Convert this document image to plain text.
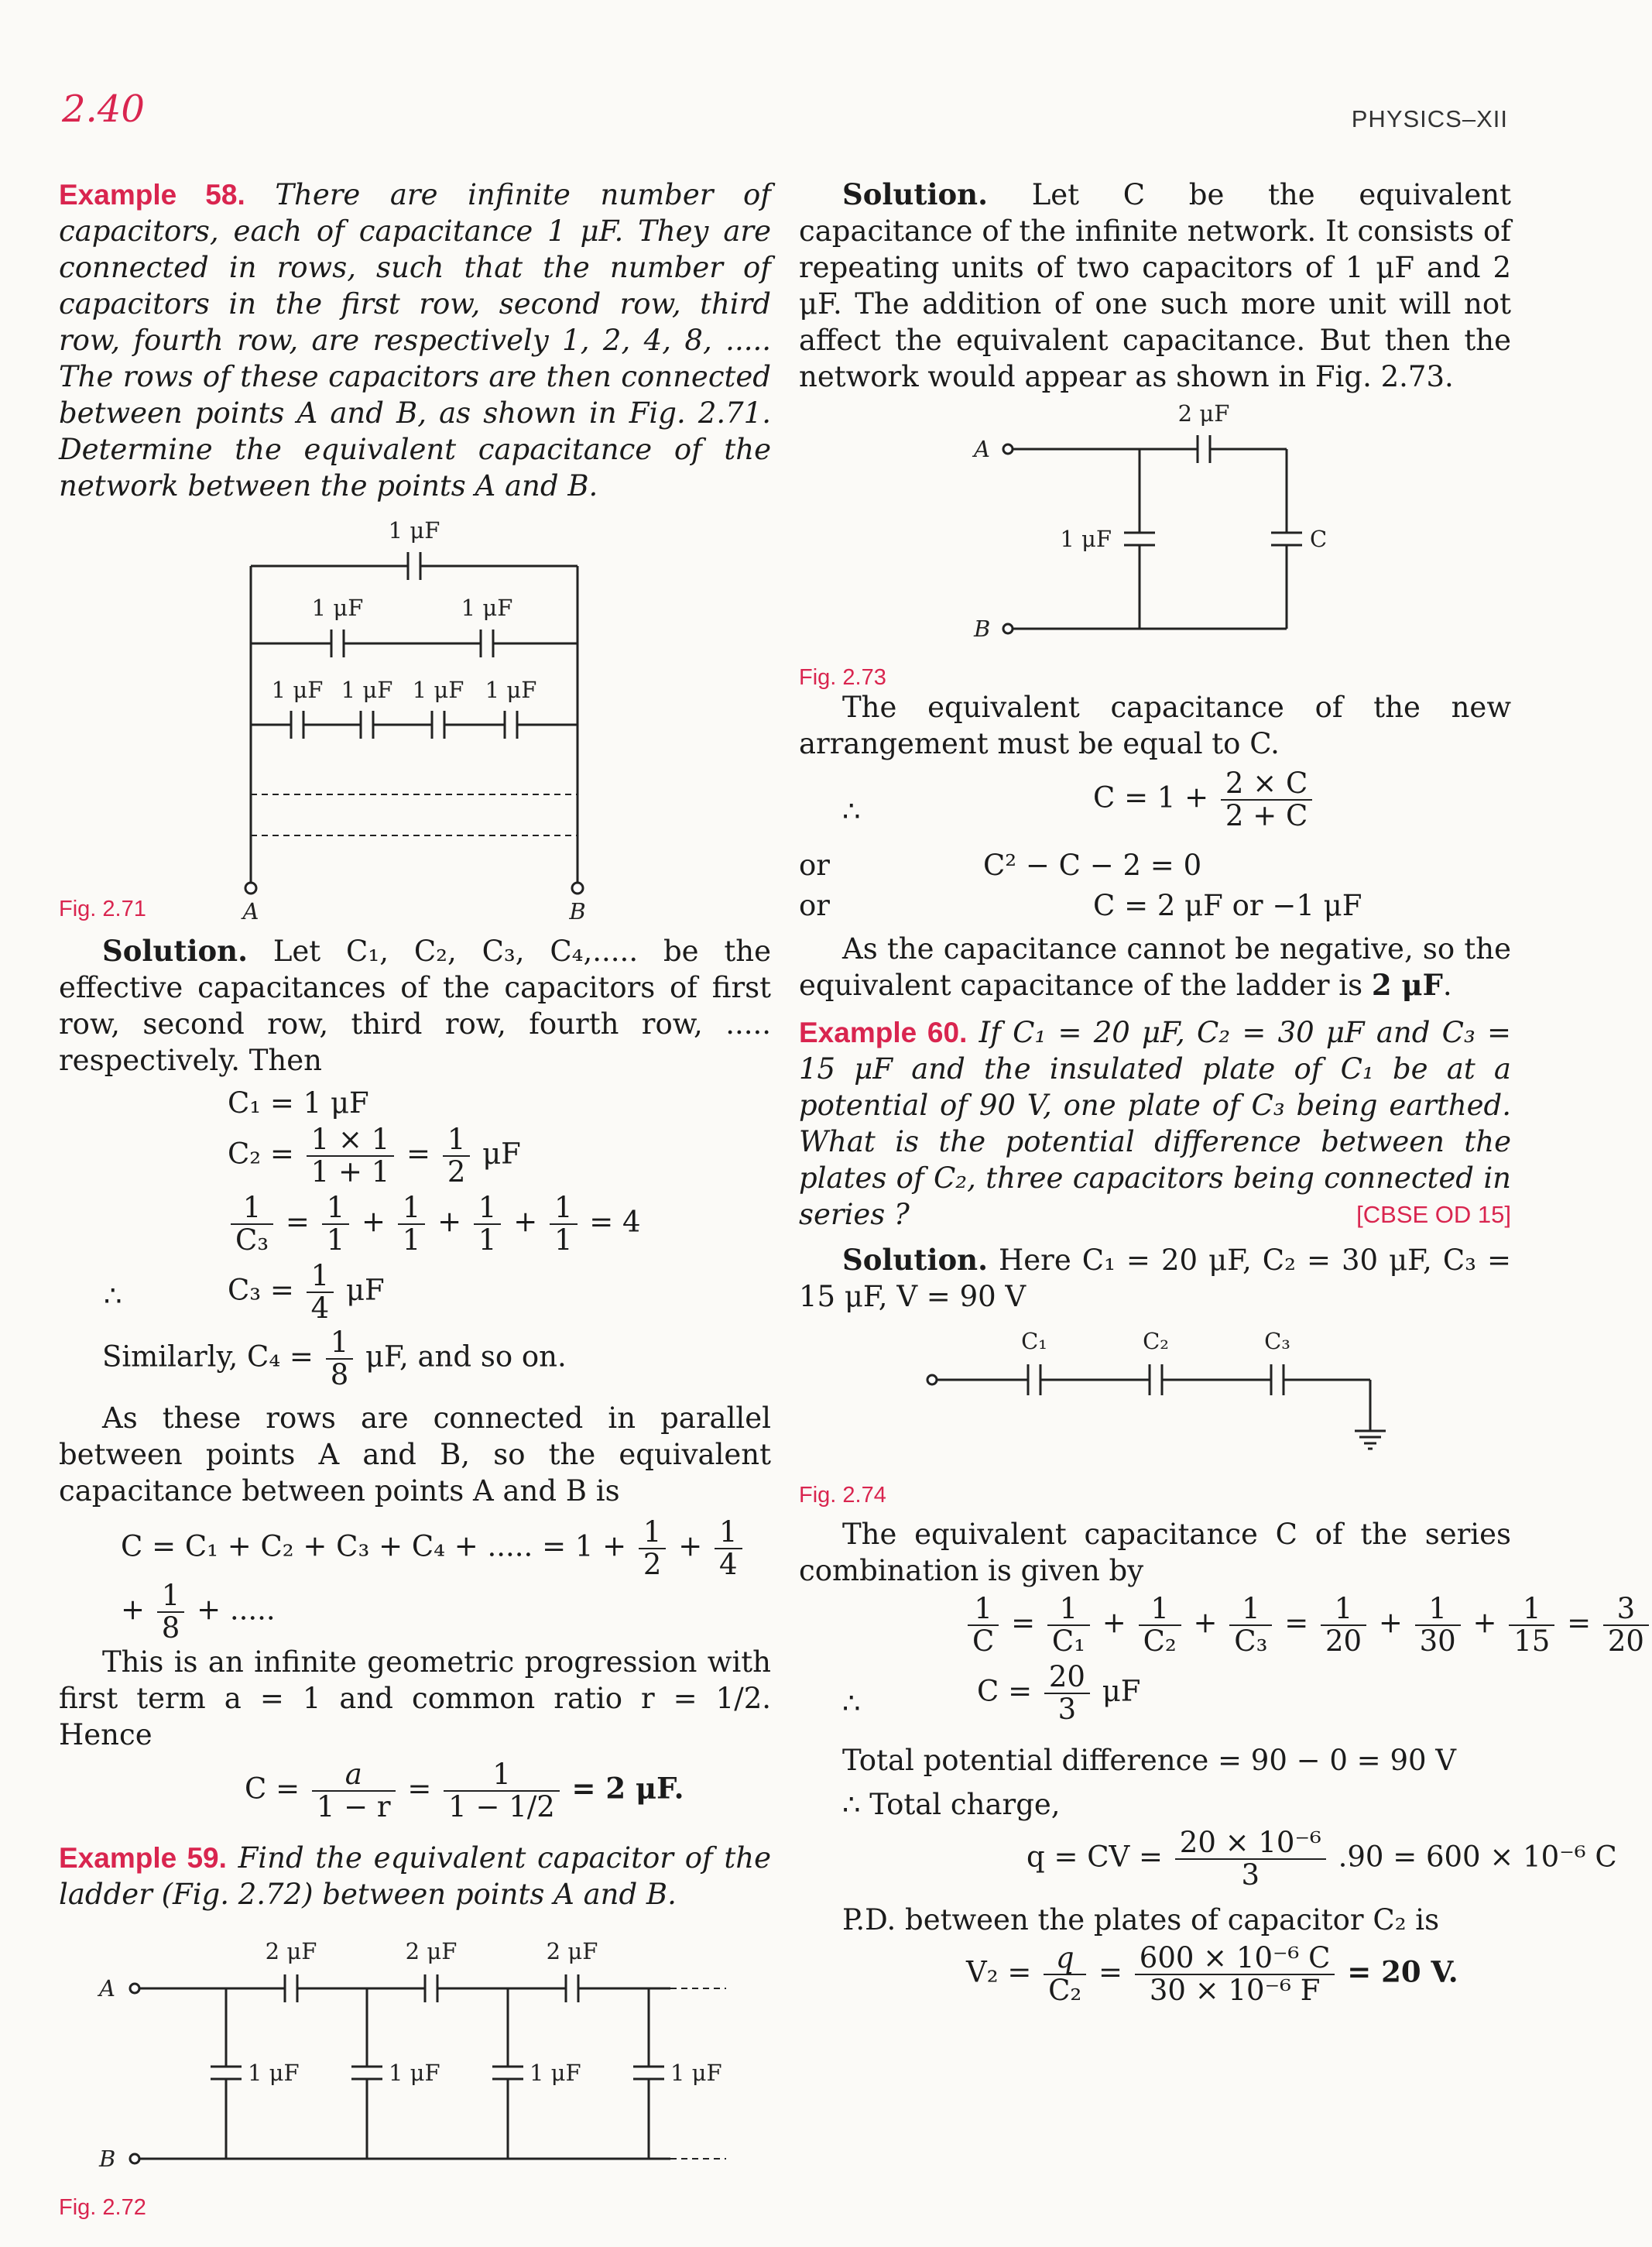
2.40	PHYSICS–XII

Example 58. There are infinite number of capacitors, each of capacitance 1 μF. They are connected in rows, such that the number of capacitors in the first row, second row, third row, fourth row, are respectively 1, 2, 4, 8, ..... The rows of these capacitors are then connected between points A and B, as shown in Fig. 2.71. Determine the equivalent capacitance of the network between the points A and B.

1 μF
1 μF	1 μF
1 μF 1 μF 1 μF 1 μF
A	B
Fig. 2.71

Solution. Let C₁, C₂, C₃, C₄,..... be the effective capacitances of the capacitors of first row, second row, third row, fourth row, ..... respectively. Then

C₁ = 1 μF
$C_2 = \frac{1 \times 1}{1 + 1} = \frac{1}{2}$ μF
$\frac{1}{\text{C₃}} = \frac{1}{1} + \frac{1}{1} + \frac{1}{1} + \frac{1}{1} = 4$
∴	$C_3 = \frac{1}{4}$ μF
Similarly, $C_4 = \frac{1}{8} \mu F$, and so on.

As these rows are connected in parallel between points A and B, so the equivalent capacitance between points A and B is

C = C₁ + C₂ + C₃ + C₄ + ..... = $1 + \frac{1}{2} + \frac{1}{4}$
+ $\frac{1}{8}$ + .....

This is an infinite geometric progression with first term a = 1 and common ratio r = 1/2. Hence

$C = \frac{a}{1 - r} = \frac{1}{1 - 1/2} = 2$ μF.

Example 59. Find the equivalent capacitor of the ladder (Fig. 2.72) between points A and B.

2 μF	2 μF	2 μF
1 μF	1 μF	1 μF	1 μF
A
B
Fig. 2.72

Solution. Let C be the equivalent capacitance of the infinite network. It consists of repeating units of two capacitors of 1 μF and 2 μF. The addition of one such more unit will not affect the equivalent capacitance. But then the network would appear as shown in Fig. 2.73.

2 μF
1 μF	C
A
B
Fig. 2.73

The equivalent capacitance of the new arrangement must be equal to C.

∴	$C = 1 + \frac{2 \times C}{2 + C}$
or	C² − C − 2 = 0
or	C = 2 μF or −1 μF

As the capacitance cannot be negative, so the equivalent capacitance of the ladder is 2 μF.

Example 60. If C₁ = 20 μF, C₂ = 30 μF and C₃ = 15 μF and the insulated plate of C₁ be at a potential of 90 V, one plate of C₃ being earthed. What is the potential difference between the plates of C₂, three capacitors being connected in series ?	[CBSE OD 15]

Solution. Here C₁ = 20 μF, C₂ = 30 μF, C₃ = 15 μF, V = 90 V

C₁	C₂	C₃
Fig. 2.74

The equivalent capacitance C of the series combination is given by

$\frac{1}{C} = \frac{1}{\text{C₁}} + \frac{1}{\text{C₂}} + \frac{1}{\text{C₃}} = \frac{1}{20} + \frac{1}{30} + \frac{1}{15} = \frac{3}{20}$
∴	$C = \frac{20}{3}$ μF

Total potential difference = 90 − 0 = 90 V

∴ Total charge,

q = CV = $\frac{\text{20 × 10⁻⁶}}{3} .90 = 600 \times 10^{-6}$ C

P.D. between the plates of capacitor C₂ is

$V_2 = \frac{q}{\text{C₂}} = \frac{\text{600 × 10⁻⁶ C}}{\text{30 × 10⁻⁶ F}} = 20$ V.
